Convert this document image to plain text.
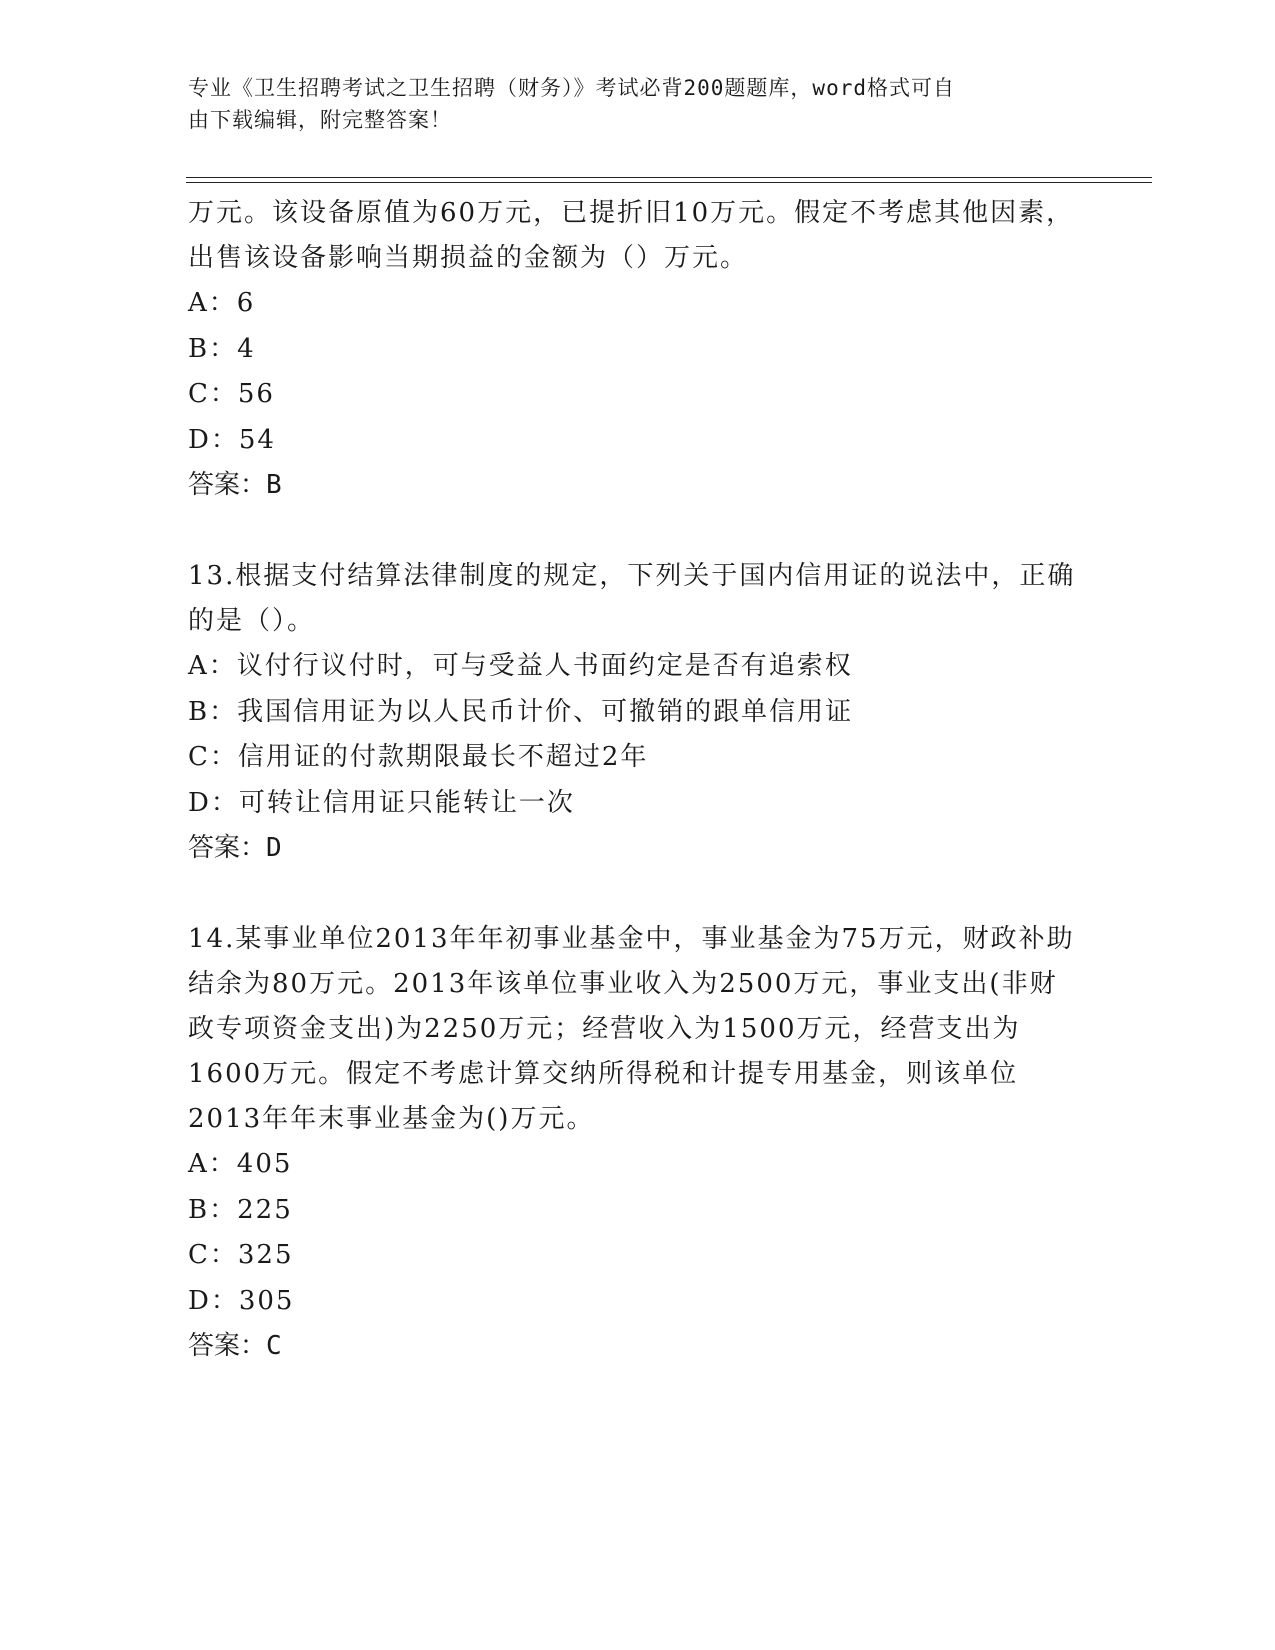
专业《卫生招聘考试之卫生招聘（财务）》考试必背200题题库，word格式可自
由下载编辑，附完整答案！

万元。该设备原值为60万元，已提折旧10万元。假定不考虑其他因素，出售该设备影响当期损益的金额为（）万元。

A：6

B：4

C：56

D：54

答案：B

13.根据支付结算法律制度的规定，下列关于国内信用证的说法中，正确的是（）。

A：议付行议付时，可与受益人书面约定是否有追索权

B：我国信用证为以人民币计价、可撤销的跟单信用证

C：信用证的付款期限最长不超过2年

D：可转让信用证只能转让一次

答案：D

14.某事业单位2013年年初事业基金中，事业基金为75万元，财政补助结余为80万元。2013年该单位事业收入为2500万元，事业支出(非财政专项资金支出)为2250万元；经营收入为1500万元，经营支出为1600万元。假定不考虑计算交纳所得税和计提专用基金，则该单位2013年年末事业基金为()万元。

A：405

B：225

C：325

D：305

答案：C
